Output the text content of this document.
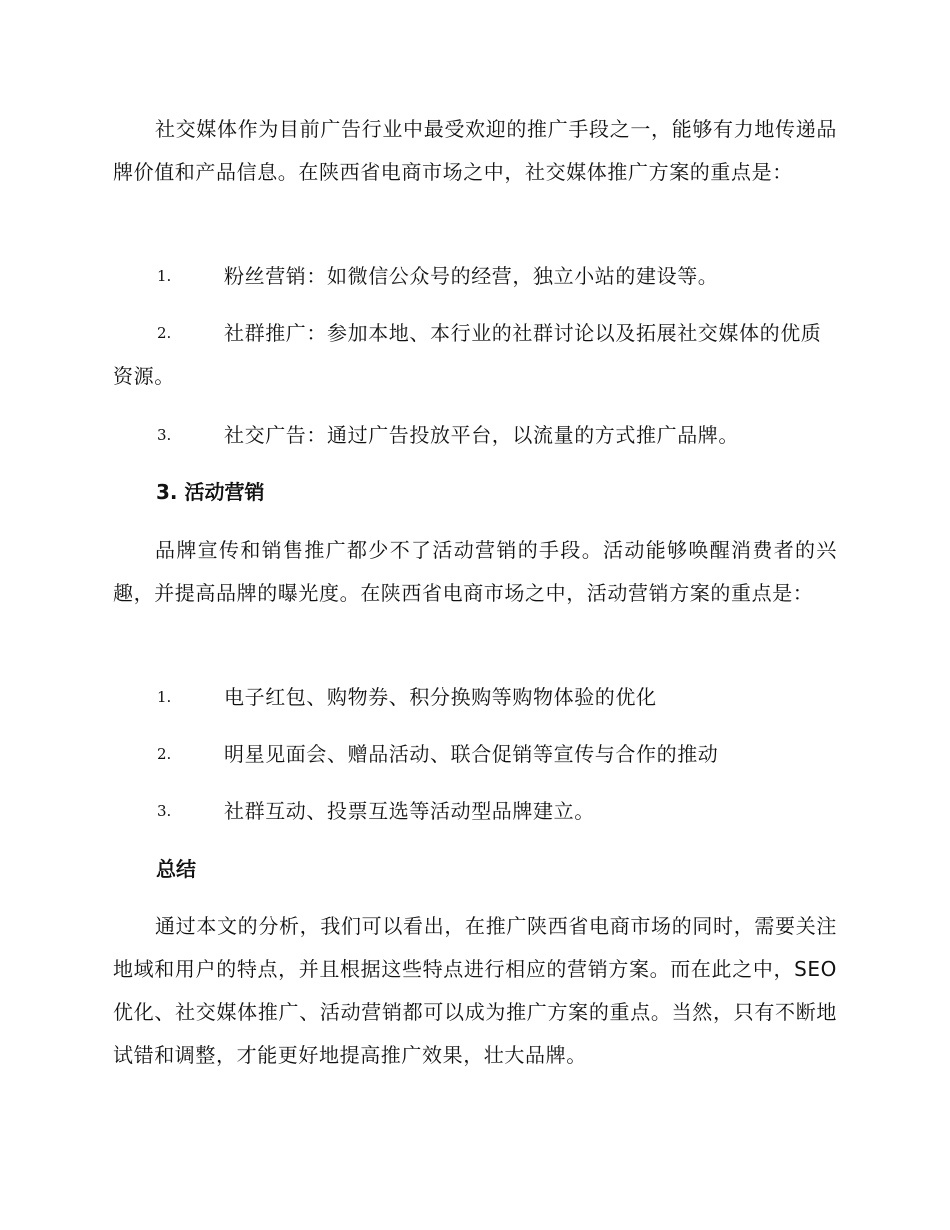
社交媒体作为目前广告行业中最受欢迎的推广手段之一，能够有力地传递品牌价值和产品信息。在陕西省电商市场之中，社交媒体推广方案的重点是：

1.	粉丝营销：如微信公众号的经营，独立小站的建设等。
2.	社群推广：参加本地、本行业的社群讨论以及拓展社交媒体的优质资源。
3.	社交广告：通过广告投放平台，以流量的方式推广品牌。
3. 活动营销

品牌宣传和销售推广都少不了活动营销的手段。活动能够唤醒消费者的兴趣，并提高品牌的曝光度。在陕西省电商市场之中，活动营销方案的重点是：

1.	电子红包、购物券、积分换购等购物体验的优化
2.	明星见面会、赠品活动、联合促销等宣传与合作的推动
3.	社群互动、投票互选等活动型品牌建立。
总结

通过本文的分析，我们可以看出，在推广陕西省电商市场的同时，需要关注地域和用户的特点，并且根据这些特点进行相应的营销方案。而在此之中，SEO 优化、社交媒体推广、活动营销都可以成为推广方案的重点。当然，只有不断地试错和调整，才能更好地提高推广效果，壮大品牌。
